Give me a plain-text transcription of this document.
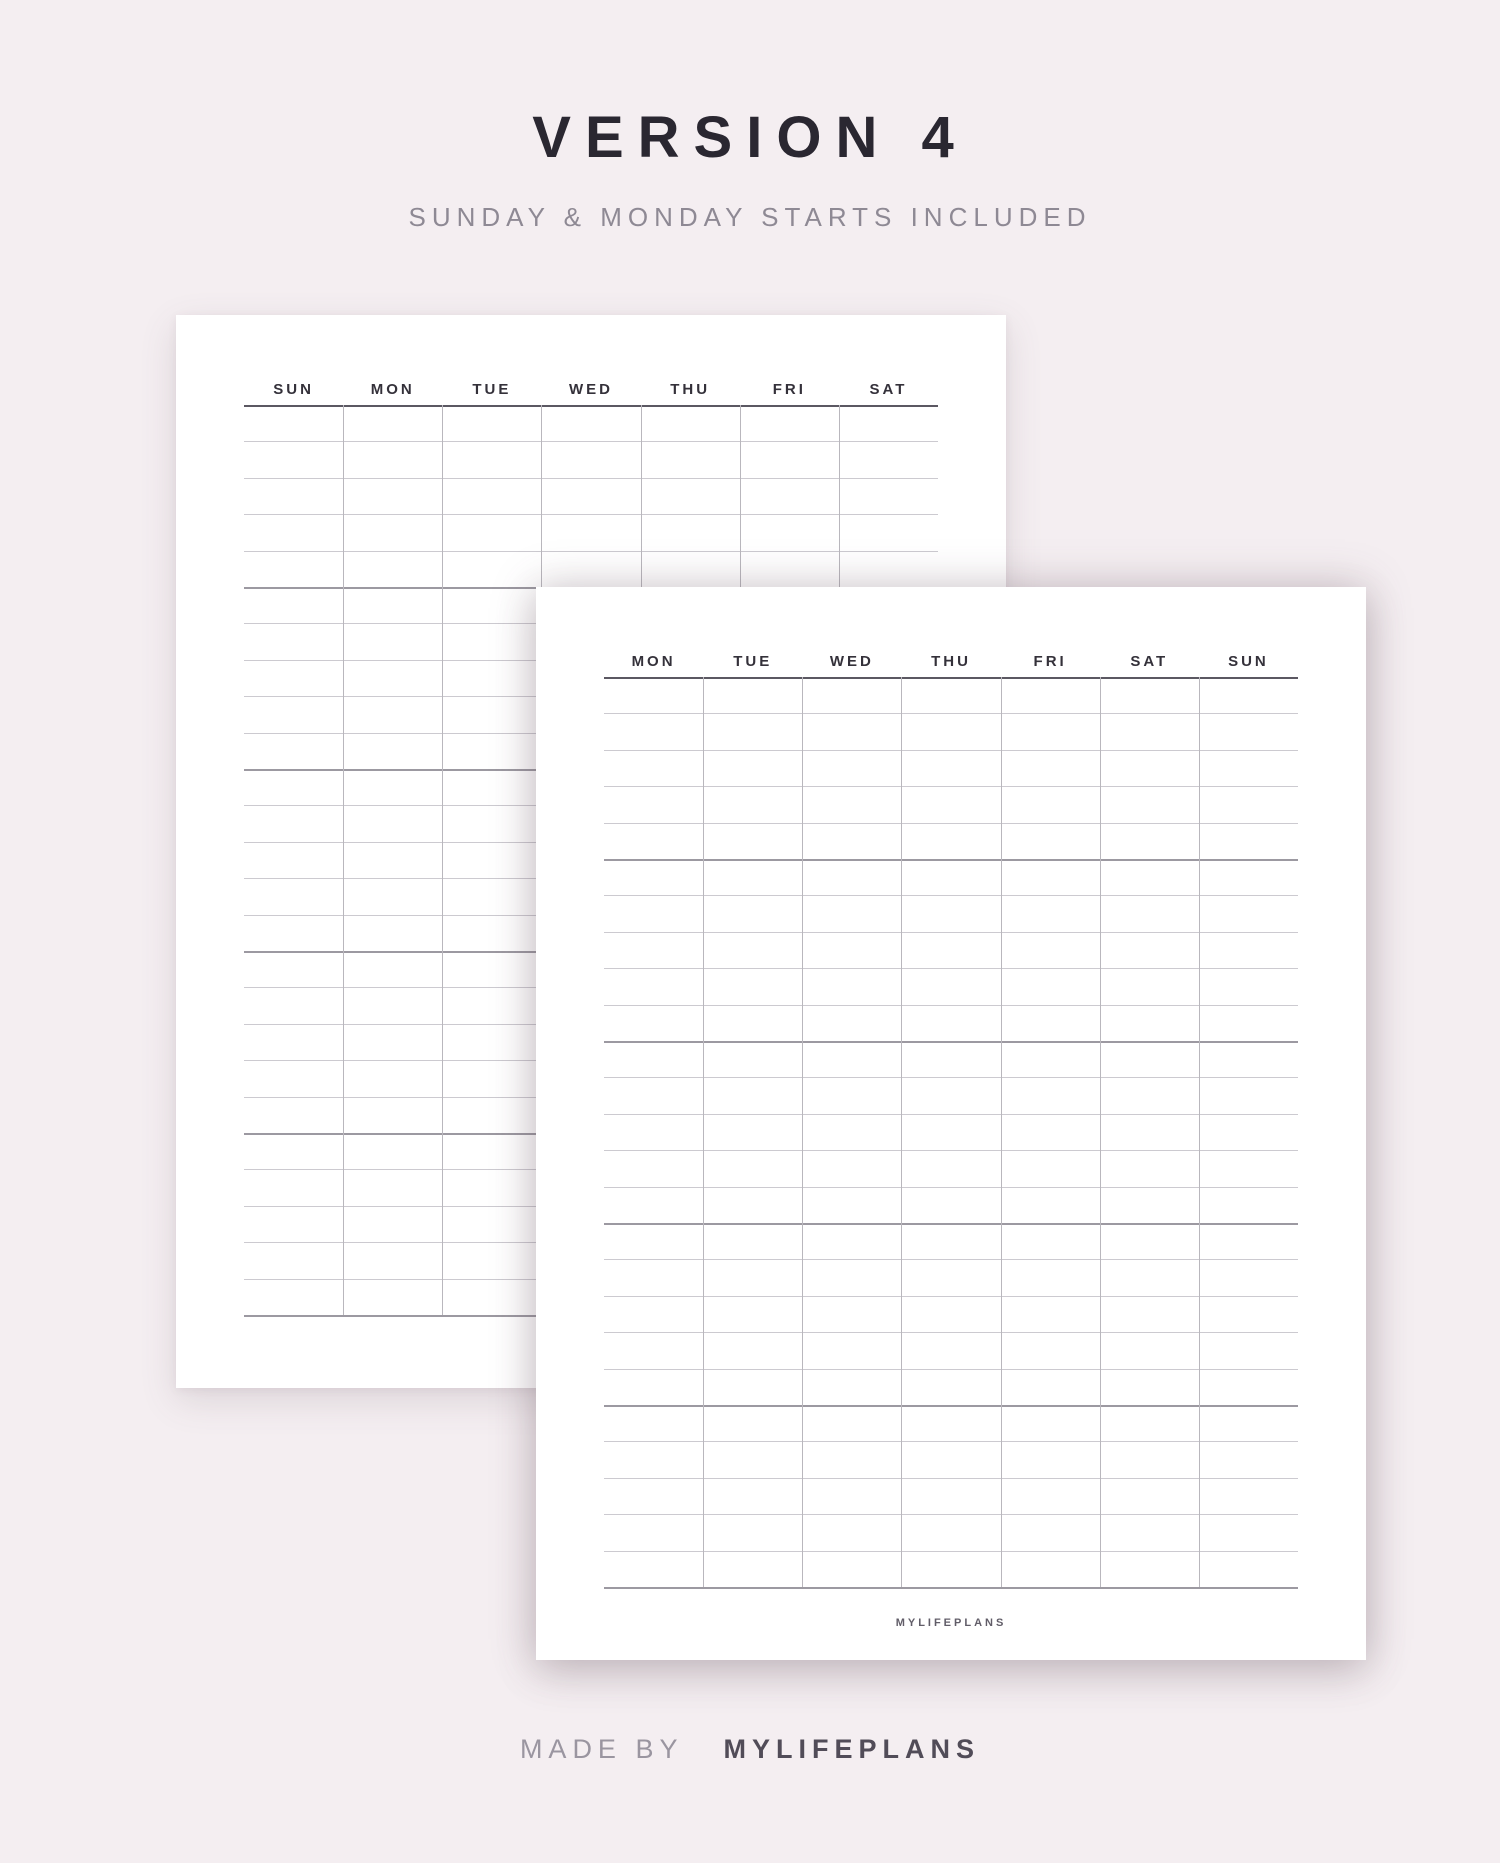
VERSION 4
SUNDAY & MONDAY STARTS INCLUDED
SUN	MON	TUE	WED	THU	FRI	SAT
MON	TUE	WED	THU	FRI	SAT	SUN
MYLIFEPLANS
MADE BY MYLIFEPLANS
